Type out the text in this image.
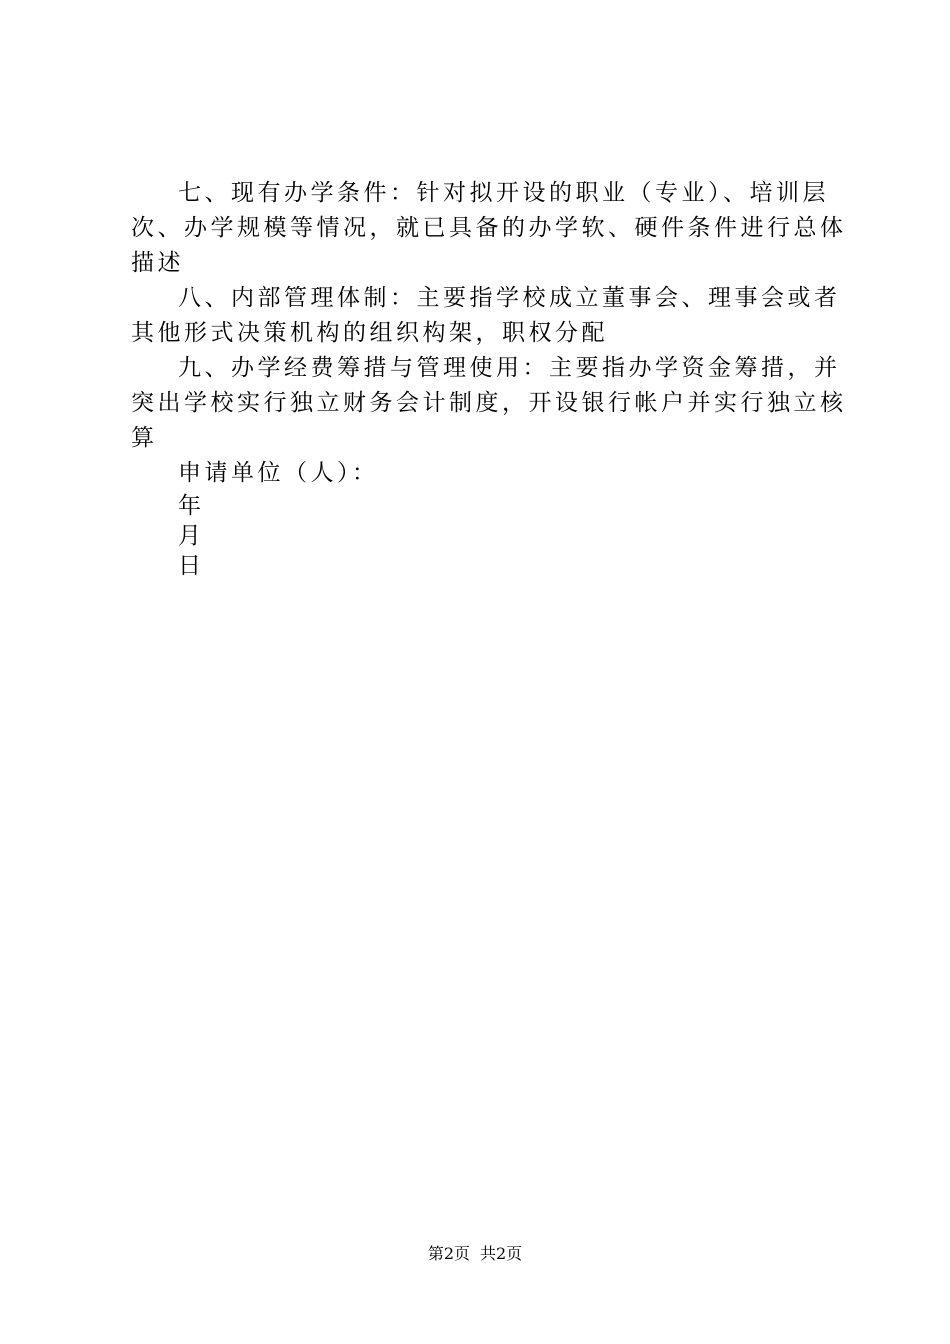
七、现有办学条件：针对拟开设的职业（专业）、培训层
次、办学规模等情况，就已具备的办学软、硬件条件进行总体
描述
八、内部管理体制：主要指学校成立董事会、理事会或者
其他形式决策机构的组织构架，职权分配
九、办学经费筹措与管理使用：主要指办学资金筹措，并
突出学校实行独立财务会计制度，开设银行帐户并实行独立核
算
申请单位（人）：
年
月
日
第2页 共2页
